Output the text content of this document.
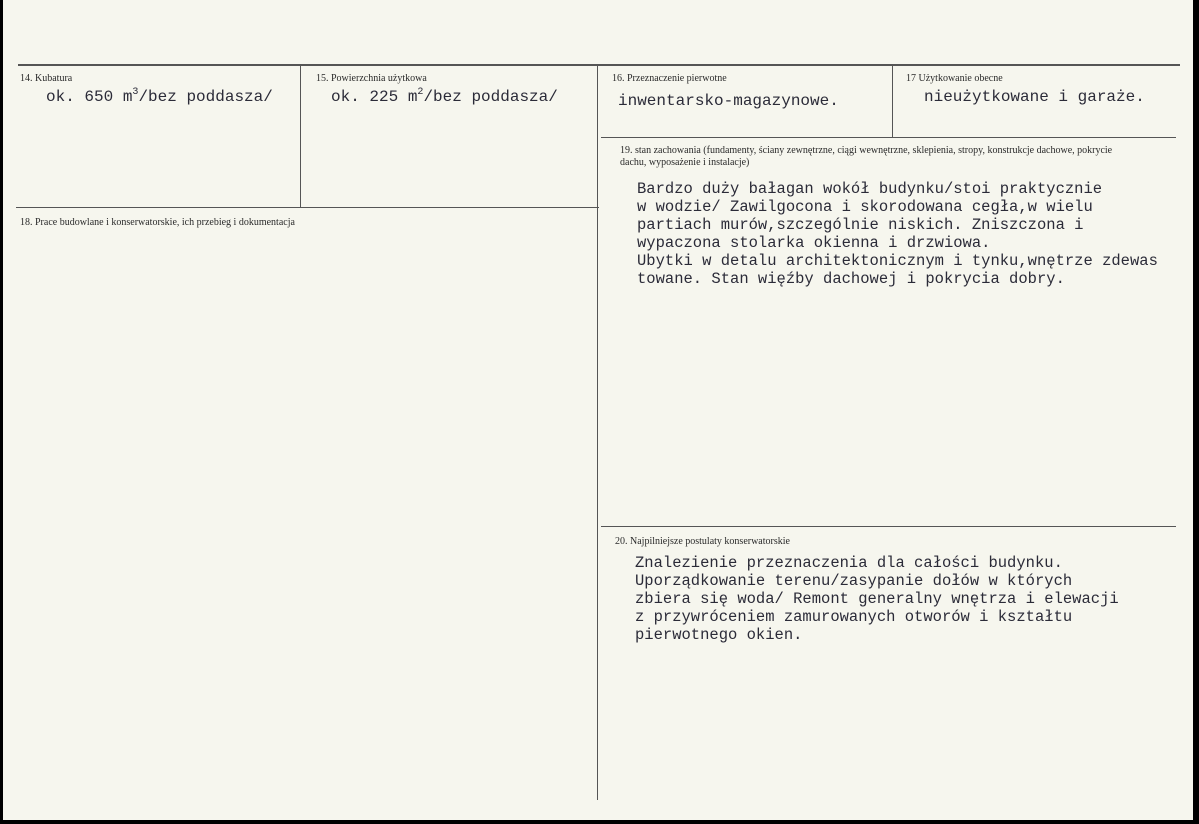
14. Kubatura
ok. 650 $m^3$/bez poddasza/
15. Powierzchnia użytkowa
ok. 225 $m^2$/bez poddasza/
16. Przeznaczenie pierwotne
inwentarsko-magazynowe.
17 Użytkowanie obecne
nieużytkowane i garaże.
18. Prace budowlane i konserwatorskie, ich przebieg i dokumentacja
19. stan zachowania (fundamenty, ściany zewnętrzne, ciągi wewnętrzne, sklepienia, stropy, konstrukcje dachowe, pokrycie dachu, wyposażenie i instalacje)
Bardzo duży bałagan wokół budynku/stoi praktycznie
w wodzie/ Zawilgocona i skorodowana cegła,w wielu
partiach murów,szczególnie niskich. Zniszczona i
wypaczona stolarka okienna i drzwiowa.
Ubytki w detalu architektonicznym i tynku,wnętrze zdewas
towane. Stan więźby dachowej i pokrycia dobry.
20. Najpilniejsze postulaty konserwatorskie
Znalezienie przeznaczenia dla całości budynku.
Uporządkowanie terenu/zasypanie dołów w których
zbiera się woda/ Remont generalny wnętrza i elewacji
z przywróceniem zamurowanych otworów i kształtu
pierwotnego okien.
